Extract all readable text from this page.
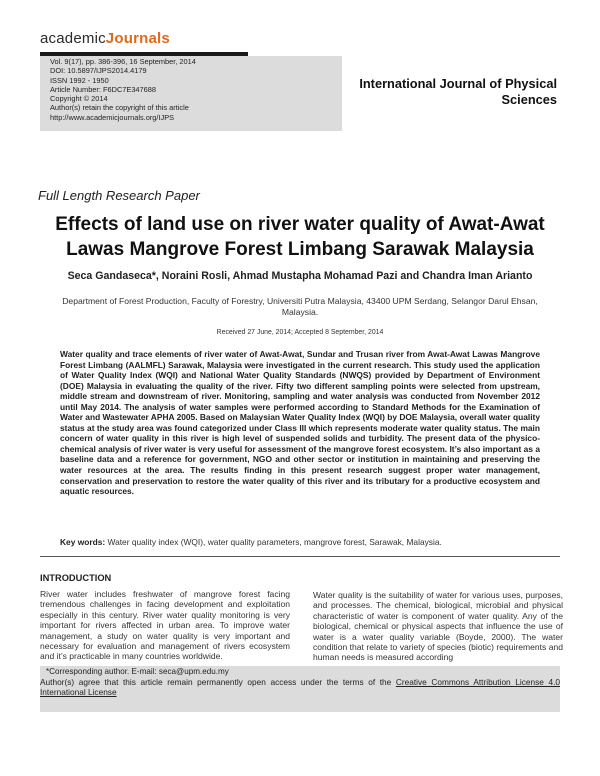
academicJournals
Vol. 9(17), pp. 386-396, 16 September, 2014
DOI: 10.5897/IJPS2014.4179
ISSN 1992 - 1950
Article Number: F6DC7E347688
Copyright © 2014
Author(s) retain the copyright of this article
http://www.academicjournals.org/IJPS
International Journal of Physical Sciences
Full Length Research Paper
Effects of land use on river water quality of Awat-Awat
Lawas Mangrove Forest Limbang Sarawak Malaysia
Seca Gandaseca*, Noraini Rosli, Ahmad Mustapha Mohamad Pazi and Chandra Iman Arianto
Department of Forest Production, Faculty of Forestry, Universiti Putra Malaysia, 43400 UPM Serdang, Selangor Darul Ehsan, Malaysia.
Received 27 June, 2014; Accepted 8 September, 2014
Water quality and trace elements of river water of Awat-Awat, Sundar and Trusan river from Awat-Awat Lawas Mangrove Forest Limbang (AALMFL) Sarawak, Malaysia were investigated in the current research. This study used the application of Water Quality Index (WQI) and National Water Quality Standards (NWQS) provided by Department of Environment (DOE) Malaysia in evaluating the quality of the river. Fifty two different sampling points were selected from upstream, middle stream and downstream of river. Monitoring, sampling and water analysis was conducted from November 2012 until May 2014. The analysis of water samples were performed according to Standard Methods for the Examination of Water and Wastewater APHA 2005. Based on Malaysian Water Quality Index (WQI) by DOE Malaysia, overall water quality status at the study area was found categorized under Class III which represents moderate water quality status. The main concern of water quality in this river is high level of suspended solids and turbidity. The present data of the physico-chemical analysis of river water is very useful for assessment of the mangrove forest ecosystem. It’s also important as a baseline data and a reference for government, NGO and other sector or institution in maintaining and preserving the water resources at the area. The results finding in this present research suggest proper water management, conservation and preservation to restore the water quality of this river and its tributary for a productive ecosystem and aquatic resources.
Key words: Water quality index (WQI), water quality parameters, mangrove forest, Sarawak, Malaysia.
INTRODUCTION

River water includes freshwater of mangrove forest facing tremendous challenges in facing development and exploitation especially in this century. River water quality monitoring is very important for rivers affected in urban area. To improve water management, a study on water quality is very important and necessary for evaluation and management of rivers ecosystem and it’s practicable in many countries worldwide.

Water quality is the suitability of water for various uses, purposes, and processes. The chemical, biological, microbial and physical characteristic of water is component of water quality. Any of the biological, chemical or physical aspects that influence the use of water is a water quality variable (Boyde, 2000). The water condition that relate to variety of species (biotic) requirements and human needs is measured according

*Corresponding author. E-mail: seca@upm.edu.my
Author(s) agree that this article remain permanently open access under the terms of the Creative Commons Attribution License 4.0 International License
